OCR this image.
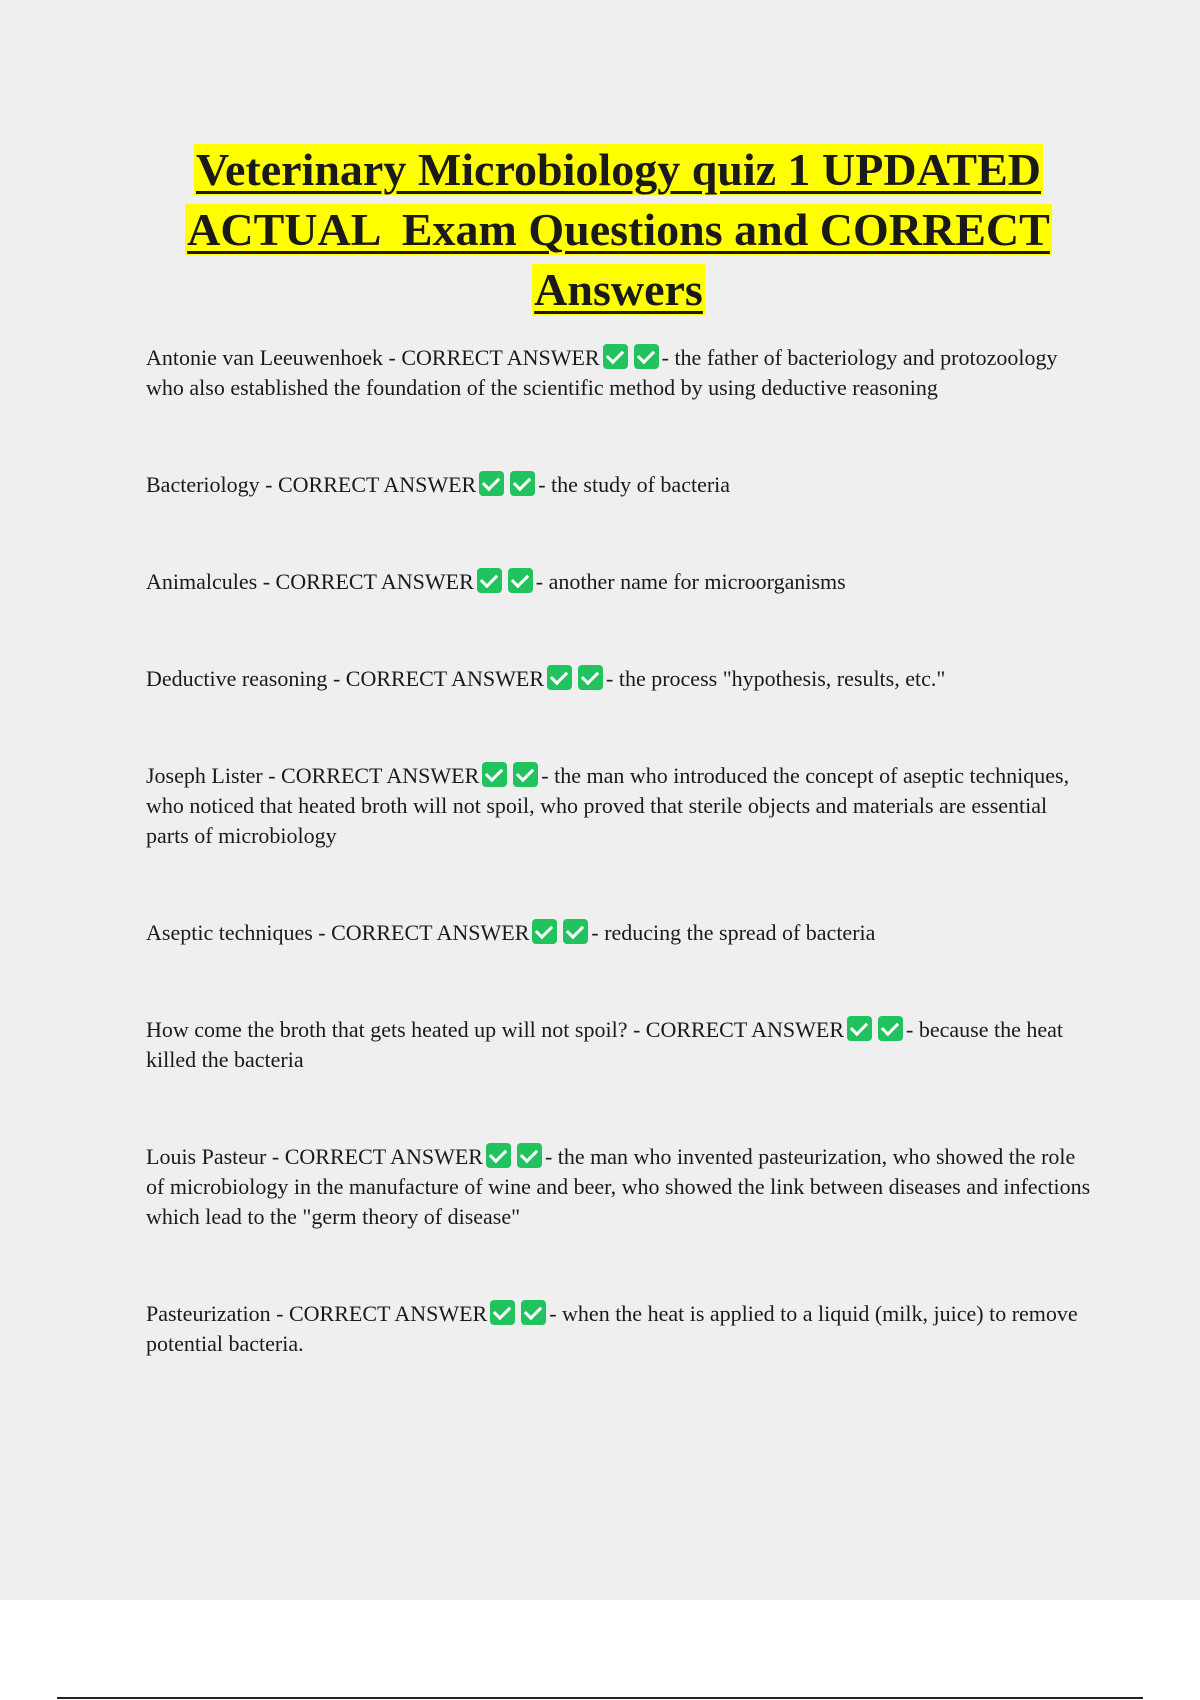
Veterinary Microbiology quiz 1 UPDATED
ACTUAL  Exam Questions and CORRECT
Answers

Antonie van Leeuwenhoek - CORRECT ANSWER	- the father of bacteriology and protozoology who also established the foundation of the scientific method by using deductive reasoning

Bacteriology - CORRECT ANSWER	- the study of bacteria

Animalcules - CORRECT ANSWER	- another name for microorganisms

Deductive reasoning - CORRECT ANSWER	- the process "hypothesis, results, etc."

Joseph Lister - CORRECT ANSWER	- the man who introduced the concept of aseptic techniques, who noticed that heated broth will not spoil, who proved that sterile objects and materials are essential parts of microbiology

Aseptic techniques - CORRECT ANSWER	- reducing the spread of bacteria

How come the broth that gets heated up will not spoil? - CORRECT ANSWER	- because the heat killed the bacteria

Louis Pasteur - CORRECT ANSWER	- the man who invented pasteurization, who showed the role of microbiology in the manufacture of wine and beer, who showed the link between diseases and infections which lead to the "germ theory of disease"

Pasteurization - CORRECT ANSWER	- when the heat is applied to a liquid (milk, juice) to remove potential bacteria.
